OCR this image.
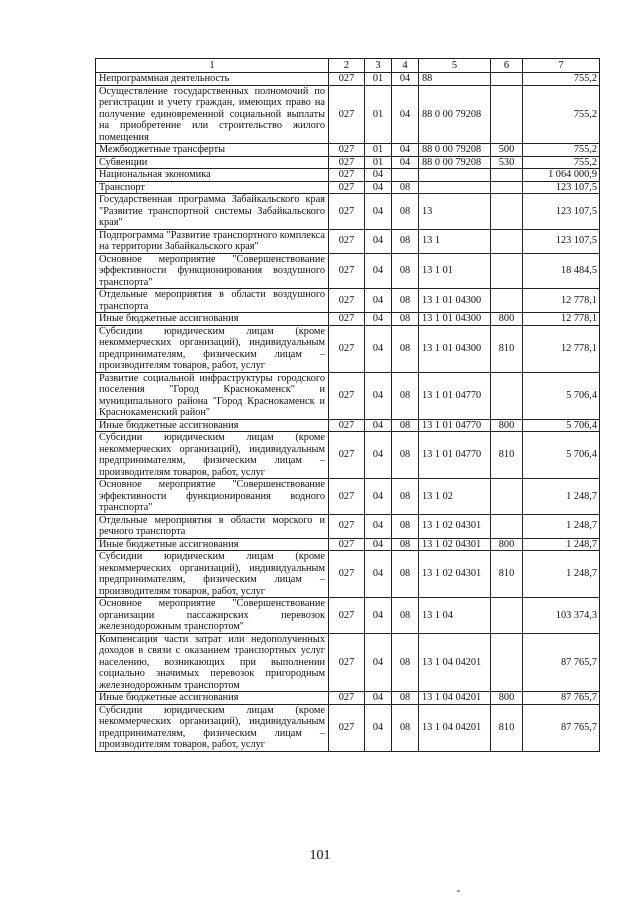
1	2	3	4	5	6	7
Непрограммная деятельность	027	01	04	88		755,2
Осуществление государственных полномочий по регистрации и учету граждан, имеющих право на получение единовременной социальной выплаты на приобретение или строительство жилого помещения	027	01	04	88 0 00 79208		755,2
Межбюджетные трансферты	027	01	04	88 0 00 79208	500	755,2
Субвенции	027	01	04	88 0 00 79208	530	755,2
Национальная экономика	027	04				1 064 000,9
Транспорт	027	04	08			123 107,5
Государственная программа Забайкальского края "Развитие транспортной системы Забайкальского края"	027	04	08	13		123 107,5
Подпрограмма "Развитие транспортного комплекса на территории Забайкальского края"	027	04	08	13 1		123 107,5
Основное мероприятие "Совершенствование эффективности функционирования воздушного транспорта"	027	04	08	13 1 01		18 484,5
Отдельные мероприятия в области воздушного транспорта	027	04	08	13 1 01 04300		12 778,1
Иные бюджетные ассигнования	027	04	08	13 1 01 04300	800	12 778,1
Субсидии юридическим лицам (кроме некоммерческих организаций), индивидуальным предпринимателям, физическим лицам – производителям товаров, работ, услуг	027	04	08	13 1 01 04300	810	12 778,1
Развитие социальной инфраструктуры городского поселения "Город Краснокаменск" и муниципального района "Город Краснокаменск и Краснокаменский район"	027	04	08	13 1 01 04770		5 706,4
Иные бюджетные ассигнования	027	04	08	13 1 01 04770	800	5 706,4
Субсидии юридическим лицам (кроме некоммерческих организаций), индивидуальным предпринимателям, физическим лицам – производителям товаров, работ, услуг	027	04	08	13 1 01 04770	810	5 706,4
Основное мероприятие "Совершенствование эффективности функционирования водного транспорта"	027	04	08	13 1 02		1 248,7
Отдельные мероприятия в области морского и речного транспорта	027	04	08	13 1 02 04301		1 248,7
Иные бюджетные ассигнования	027	04	08	13 1 02 04301	800	1 248,7
Субсидии юридическим лицам (кроме некоммерческих организаций), индивидуальным предпринимателям, физическим лицам – производителям товаров, работ, услуг	027	04	08	13 1 02 04301	810	1 248,7
Основное мероприятие "Совершенствование организации пассажирских перевозок железнодорожным транспортом"	027	04	08	13 1 04		103 374,3
Компенсация части затрат или недополученных доходов в связи с оказанием транспортных услуг населению, возникающих при выполнении социально значимых перевозок пригородным железнодорожным транспортом	027	04	08	13 1 04 04201		87 765,7
Иные бюджетные ассигнования	027	04	08	13 1 04 04201	800	87 765,7
Субсидии юридическим лицам (кроме некоммерческих организаций), индивидуальным предпринимателям, физическим лицам – производителям товаров, работ, услуг	027	04	08	13 1 04 04201	810	87 765,7
101
